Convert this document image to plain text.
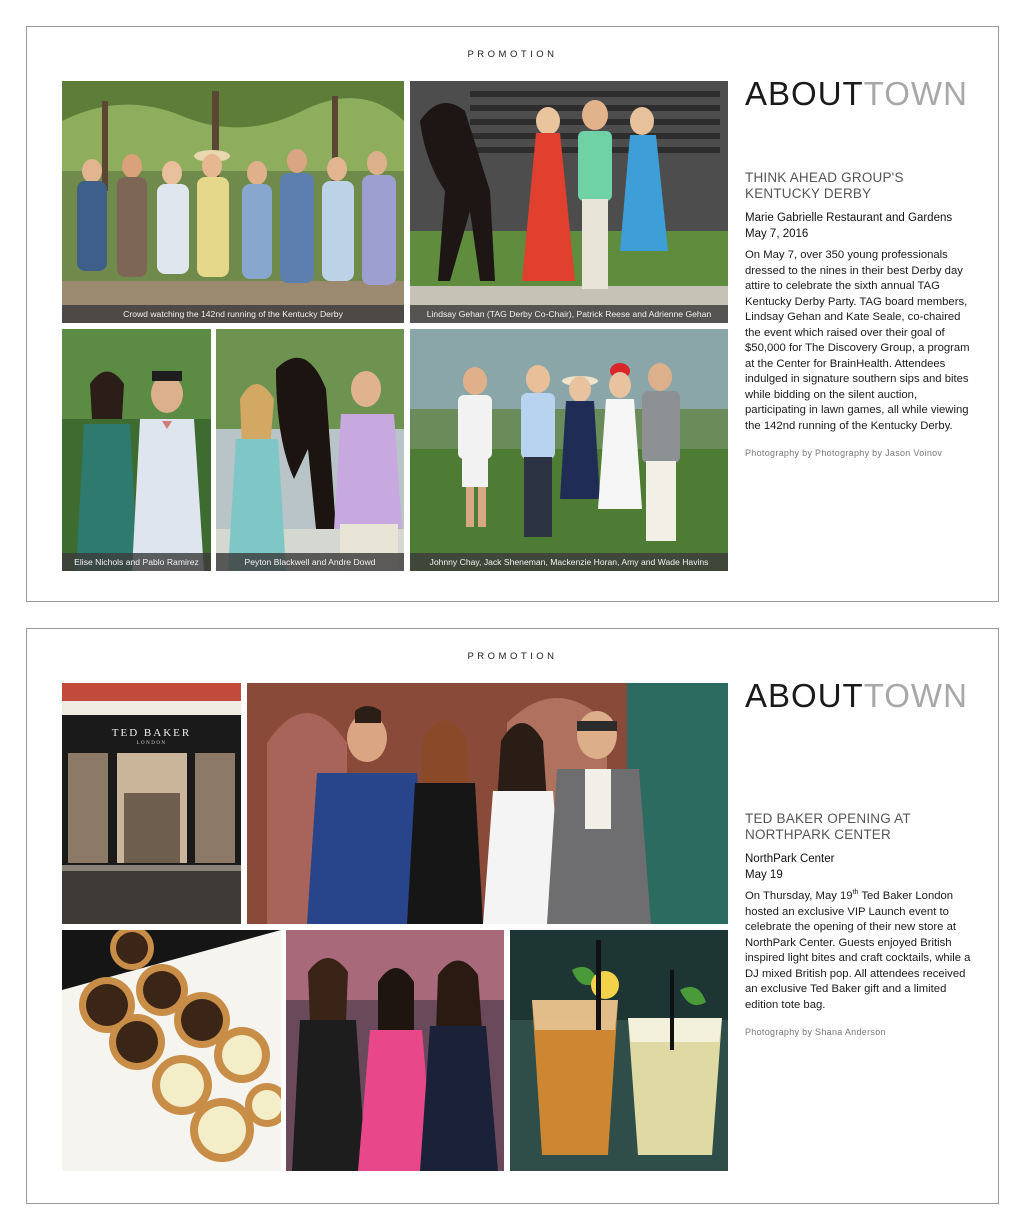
PROMOTION
Crowd watching the 142nd running of the Kentucky Derby	Lindsay Gehan (TAG Derby Co-Chair), Patrick Reese and Adrienne Gehan
Elise Nichols and Pablo Ramirez	Peyton Blackwell and Andre Dowd	Johnny Chay, Jack Sheneman, Mackenzie Horan, Amy and Wade Havins
ABOUTTOWN
THINK AHEAD GROUP'S
KENTUCKY DERBY
Marie Gabrielle Restaurant and Gardens
May 7, 2016
On May 7, over 350 young professionals dressed to the nines in their best Derby day attire to celebrate the sixth annual TAG Kentucky Derby Party. TAG board members, Lindsay Gehan and Kate Seale, co-chaired the event which raised over their goal of $50,000 for The Discovery Group, a program at the Center for BrainHealth. Attendees indulged in signature southern sips and bites while bidding on the silent auction, participating in lawn games, all while viewing the 142nd running of the Kentucky Derby.
Photography by Photography by Jason Voinov
PROMOTION
TED BAKER
LONDON
ABOUTTOWN
TED BAKER OPENING AT
NORTHPARK CENTER
NorthPark Center
May 19
On Thursday, May 19th Ted Baker London hosted an exclusive VIP Launch event to celebrate the opening of their new store at NorthPark Center. Guests enjoyed British inspired light bites and craft cocktails, while a DJ mixed British pop. All attendees received an exclusive Ted Baker gift and a limited edition tote bag.
Photography by Shana Anderson
